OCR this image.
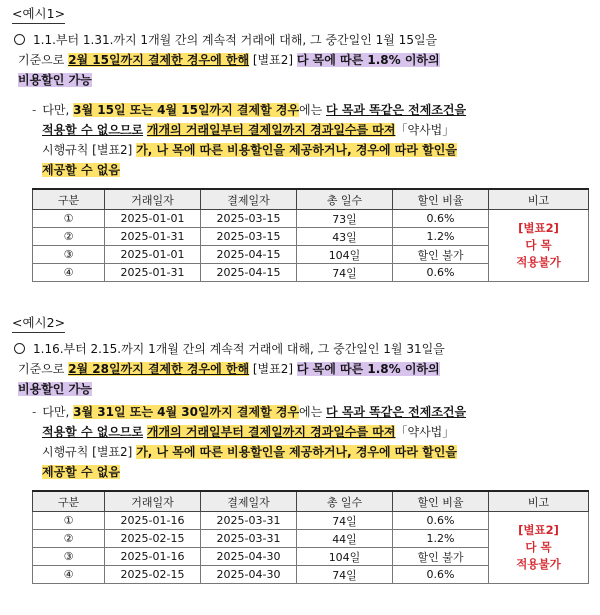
<예시1>
1.1.부터 1.31.까지 1개월 간의 계속적 거래에 대해, 그 중간일인 1월 15일을
기준으로 2월 15일까지 결제한 경우에 한해 [별표2] 다 목에 따른 1.8% 이하의
비용할인 가능
- 다만, 3월 15일 또는 4월 15일까지 결제할 경우에는 다 목과 똑같은 전제조건을
적용할 수 없으므로 개개의 거래일부터 결제일까지 경과일수를 따져「약사법」
시행규칙 [별표2] 가, 나 목에 따른 비용할인을 제공하거나, 경우에 따라 할인을
제공할 수 없음
구분	거래일자	결제일자	총 일수	할인 비율	비고
①	2025-01-01	2025-03-15	73일	0.6%	[별표2]
다 목
적용불가

②	2025-01-31	2025-03-15	43일	1.2%	
③	2025-01-01	2025-04-15	104일	할인 불가	
④	2025-01-31	2025-04-15	74일	0.6%	
<예시2>
1.16.부터 2.15.까지 1개월 간의 계속적 거래에 대해, 그 중간일인 1월 31일을
기준으로 2월 28일까지 결제한 경우에 한해 [별표2] 다 목에 따른 1.8% 이하의
비용할인 가능
- 다만, 3월 31일 또는 4월 30일까지 결제할 경우에는 다 목과 똑같은 전제조건을
적용할 수 없으므로 개개의 거래일부터 결제일까지 경과일수를 따져「약사법」
시행규칙 [별표2] 가, 나 목에 따른 비용할인을 제공하거나, 경우에 따라 할인을
제공할 수 없음
구분	거래일자	결제일자	총 일수	할인 비율	비고
①	2025-01-16	2025-03-31	74일	0.6%	[별표2]
다 목
적용불가

②	2025-02-15	2025-03-31	44일	1.2%	
③	2025-01-16	2025-04-30	104일	할인 불가	
④	2025-02-15	2025-04-30	74일	0.6%	
